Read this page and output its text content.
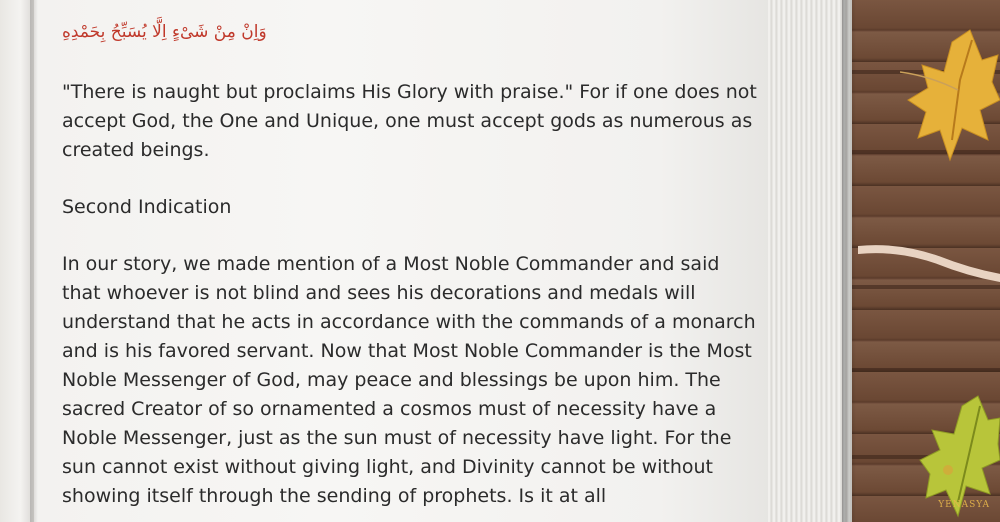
وَاِنْ مِنْ شَىْءٍ اِلَّا يُسَبِّحُ بِحَمْدِهِ

"There is naught but proclaims His Glory with praise." For if one does not accept God, the One and Unique, one must accept gods as numerous as created beings.

Second Indication

In our story, we made mention of a Most Noble Commander and said that whoever is not blind and sees his decorations and medals will understand that he acts in accordance with the commands of a monarch and is his favored servant. Now that Most Noble Commander is the Most Noble Messenger of God, may peace and blessings be upon him. The sacred Creator of so ornamented a cosmos must of necessity have a Noble Messenger, just as the sun must of necessity have light. For the sun cannot exist without giving light, and Divinity cannot be without showing itself through the sending of prophets. Is it at all	YENASYA
